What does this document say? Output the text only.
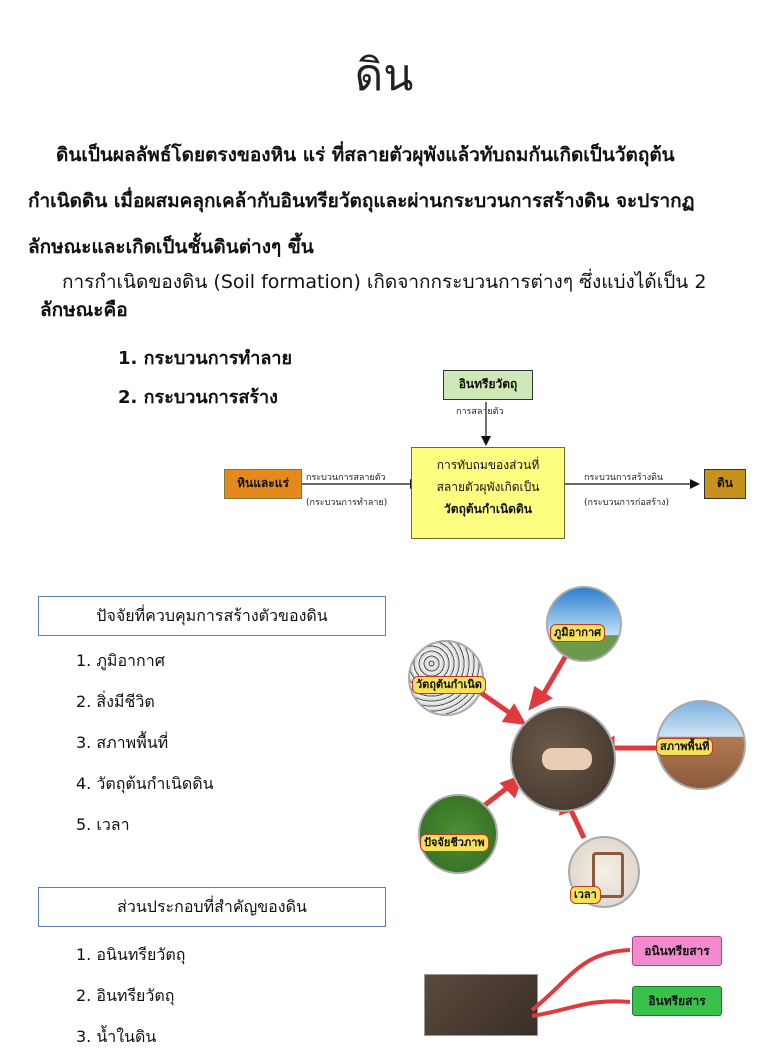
ดิน

ดินเป็นผลลัพธ์โดยตรงของหิน แร่ ที่สลายตัวผุพังแล้วทับถมกันเกิดเป็นวัตถุต้น

กำเนิดดิน เมื่อผสมคลุกเคล้ากับอินทรียวัตถุและผ่านกระบวนการสร้างดิน จะปรากฏ

ลักษณะและเกิดเป็นชั้นดินต่างๆ ขึ้น

การกำเนิดของดิน (Soil formation) เกิดจากกระบวนการต่างๆ ซึ่งแบ่งได้เป็น 2
ลักษณะคือ
1. กระบวนการทำลาย
2. กระบวนการสร้าง
หินและแร่
อินทรียวัตถุ
การสลายตัว
กระบวนการสลายตัว
(กระบวนการทำลาย)
การทับถมของส่วนที่
สลายตัวผุพังเกิดเป็น
วัตถุต้นกำเนิดดิน
กระบวนการสร้างดิน
(กระบวนการก่อสร้าง)
ดิน
ปัจจัยที่ควบคุมการสร้างตัวของดิน
1. ภูมิอากาศ
2. สิ่งมีชีวิต
3. สภาพพื้นที่
4. วัตถุต้นกำเนิดดิน
5. เวลา
ภูมิอากาศ
วัตถุต้นกำเนิด
สภาพพื้นที่
ปัจจัยชีวภาพ
เวลา
ส่วนประกอบที่สำคัญของดิน
1. อนินทรียวัตถุ
2. อินทรียวัตถุ
3. น้ำในดิน
อนินทรียสาร
อินทรียสาร
